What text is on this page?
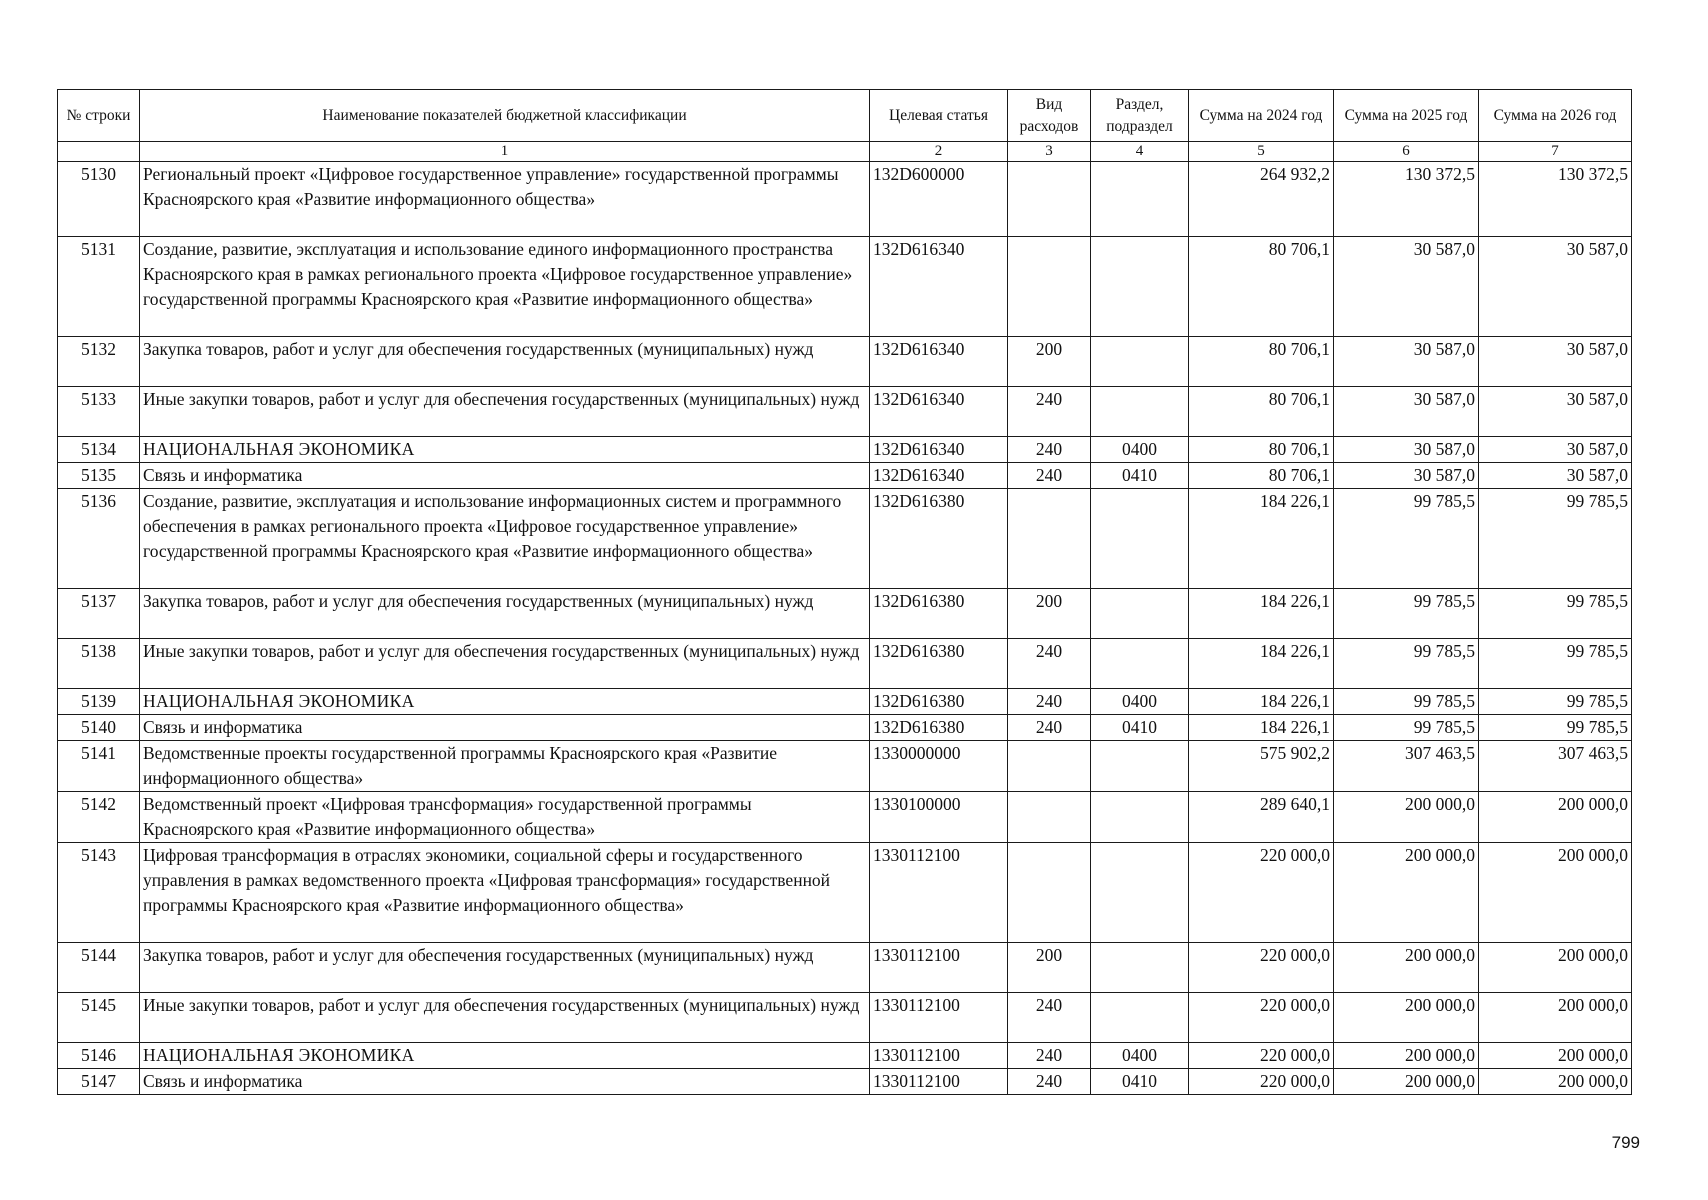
№ строки	Наименование показателей бюджетной классификации	Целевая статья	Вид расходов	Раздел, подраздел	Сумма на 2024 год	Сумма на 2025 год	Сумма на 2026 год
	1	2	3	4	5	6	7
5130	Региональный проект «Цифровое государственное управление» государственной программы Красноярского края «Развитие информационного общества»	132D600000			264 932,2	130 372,5	130 372,5
5131	Создание, развитие, эксплуатация и использование единого информационного пространства Красноярского края в рамках регионального проекта «Цифровое государственное управление» государственной программы Красноярского края «Развитие информационного общества»	132D616340			80 706,1	30 587,0	30 587,0
5132	Закупка товаров, работ и услуг для обеспечения государственных (муниципальных) нужд	132D616340	200		80 706,1	30 587,0	30 587,0
5133	Иные закупки товаров, работ и услуг для обеспечения государственных (муниципальных) нужд	132D616340	240		80 706,1	30 587,0	30 587,0
5134	НАЦИОНАЛЬНАЯ ЭКОНОМИКА	132D616340	240	0400	80 706,1	30 587,0	30 587,0
5135	Связь и информатика	132D616340	240	0410	80 706,1	30 587,0	30 587,0
5136	Создание, развитие, эксплуатация и использование информационных систем и программного обеспечения в рамках регионального проекта «Цифровое государственное управление» государственной программы Красноярского края «Развитие информационного общества»	132D616380			184 226,1	99 785,5	99 785,5
5137	Закупка товаров, работ и услуг для обеспечения государственных (муниципальных) нужд	132D616380	200		184 226,1	99 785,5	99 785,5
5138	Иные закупки товаров, работ и услуг для обеспечения государственных (муниципальных) нужд	132D616380	240		184 226,1	99 785,5	99 785,5
5139	НАЦИОНАЛЬНАЯ ЭКОНОМИКА	132D616380	240	0400	184 226,1	99 785,5	99 785,5
5140	Связь и информатика	132D616380	240	0410	184 226,1	99 785,5	99 785,5
5141	Ведомственные проекты государственной программы Красноярского края «Развитие информационного общества»	1330000000			575 902,2	307 463,5	307 463,5
5142	Ведомственный проект «Цифровая трансформация» государственной программы Красноярского края «Развитие информационного общества»	1330100000			289 640,1	200 000,0	200 000,0
5143	Цифровая трансформация в отраслях экономики, социальной сферы и государственного управления в рамках ведомственного проекта «Цифровая трансформация» государственной программы Красноярского края «Развитие информационного общества»	1330112100			220 000,0	200 000,0	200 000,0
5144	Закупка товаров, работ и услуг для обеспечения государственных (муниципальных) нужд	1330112100	200		220 000,0	200 000,0	200 000,0
5145	Иные закупки товаров, работ и услуг для обеспечения государственных (муниципальных) нужд	1330112100	240		220 000,0	200 000,0	200 000,0
5146	НАЦИОНАЛЬНАЯ ЭКОНОМИКА	1330112100	240	0400	220 000,0	200 000,0	200 000,0
5147	Связь и информатика	1330112100	240	0410	220 000,0	200 000,0	200 000,0
799
